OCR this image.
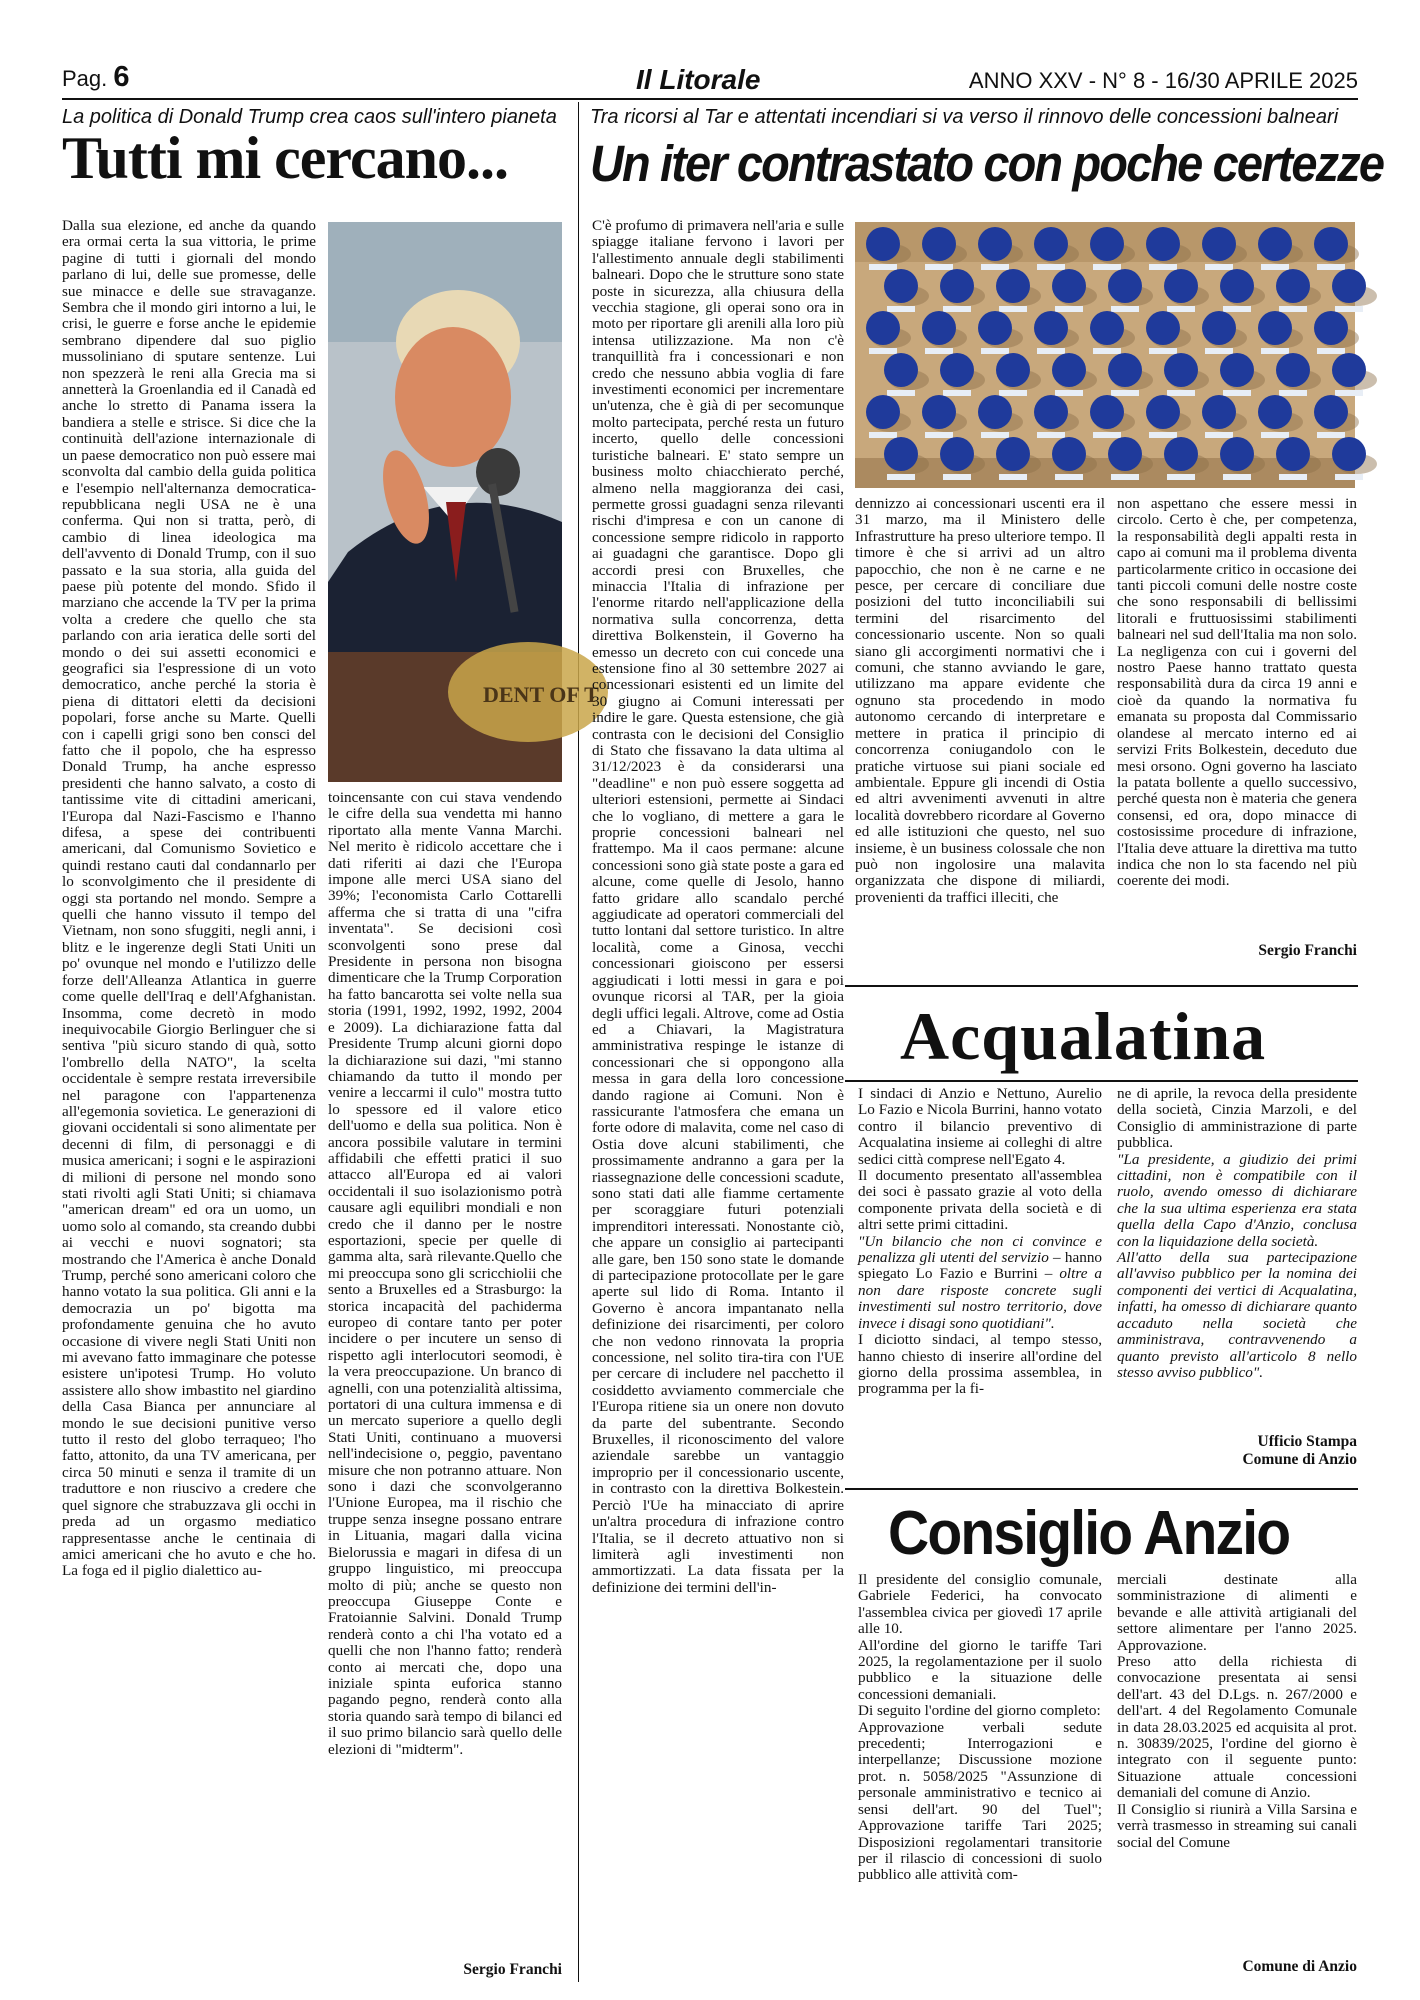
Pag. 6	Il Litorale	ANNO XXV - N° 8 - 16/30 APRILE 2025
La politica di Donald Trump crea caos sull'intero pianeta
Tutti mi cercano...

Dalla sua elezione, ed anche da quando era ormai certa la sua vittoria, le prime pagine di tutti i giornali del mondo parlano di lui, delle sue promesse, delle sue minacce e delle sue stravaganze. Sembra che il mondo giri intorno a lui, le crisi, le guerre e forse anche le epidemie sembrano dipendere dal suo piglio mussoliniano di sputare sentenze. Lui non spezzerà le reni alla Grecia ma si annetterà la Groenlandia ed il Canadà ed anche lo stretto di Panama issera la bandiera a stelle e strisce. Si dice che la continuità dell'azione internazionale di un paese democratico non può essere mai sconvolta dal cambio della guida politica e l'esempio nell'alternanza democratica-repubblicana negli USA ne è una conferma. Qui non si tratta, però, di cambio di linea ideologica ma dell'avvento di Donald Trump, con il suo passato e la sua storia, alla guida del paese più potente del mondo. Sfido il marziano che accende la TV per la prima volta a credere che quello che sta parlando con aria ieratica delle sorti del mondo o dei sui assetti economici e geografici sia l'espressione di un voto democratico, anche perché la storia è piena di dittatori eletti da decisioni popolari, forse anche su Marte. Quelli con i capelli grigi sono ben consci del fatto che il popolo, che ha espresso Donald Trump, ha anche espresso presidenti che hanno salvato, a costo di tantissime vite di cittadini americani, l'Europa dal Nazi-Fascismo e l'hanno difesa, a spese dei contribuenti americani, dal Comunismo Sovietico e quindi restano cauti dal condannarlo per lo sconvolgimento che il presidente di oggi sta portando nel mondo. Sempre a quelli che hanno vissuto il tempo del Vietnam, non sono sfuggiti, negli anni, i blitz e le ingerenze degli Stati Uniti un po' ovunque nel mondo e l'utilizzo delle forze dell'Alleanza Atlantica in guerre come quelle dell'Iraq e dell'Afghanistan. Insomma, come decretò in modo inequivocabile Giorgio Berlinguer che si sentiva "più sicuro stando di quà, sotto l'ombrello della NATO", la scelta occidentale è sempre restata irreversibile nel paragone con l'appartenenza all'egemonia sovietica. Le generazioni di giovani occidentali si sono alimentate per decenni di film, di personaggi e di musica americani; i sogni e le aspirazioni di milioni di persone nel mondo sono stati rivolti agli Stati Uniti; si chiamava "american dream" ed ora un uomo, un uomo solo al comando, sta creando dubbi ai vecchi e nuovi sognatori; sta mostrando che l'America è anche Donald Trump, perché sono americani coloro che hanno votato la sua politica. Gli anni e la democrazia un po' bigotta ma profondamente genuina che ho avuto occasione di vivere negli Stati Uniti non mi avevano fatto immaginare che potesse esistere un'ipotesi Trump. Ho voluto assistere allo show imbastito nel giardino della Casa Bianca per annunciare al mondo le sue decisioni punitive verso tutto il resto del globo terraqueo; l'ho fatto, attonito, da una TV americana, per circa 50 minuti e senza il tramite di un traduttore e non riuscivo a credere che quel signore che strabuzzava gli occhi in preda ad un orgasmo mediatico rappresentasse anche le centinaia di amici americani che ho avuto e che ho. La foga ed il piglio dialettico au-

DENT OF T

toincensante con cui stava vendendo le cifre della sua vendetta mi hanno riportato alla mente Vanna Marchi. Nel merito è ridicolo accettare che i dati riferiti ai dazi che l'Europa impone alle merci USA siano del 39%; l'economista Carlo Cottarelli afferma che si tratta di una "cifra inventata". Se decisioni così sconvolgenti sono prese dal Presidente in persona non bisogna dimenticare che la Trump Corporation ha fatto bancarotta sei volte nella sua storia (1991, 1992, 1992, 1992, 2004 e 2009). La dichiarazione fatta dal Presidente Trump alcuni giorni dopo la dichiarazione sui dazi, "mi stanno chiamando da tutto il mondo per venire a leccarmi il culo" mostra tutto lo spessore ed il valore etico dell'uomo e della sua politica. Non è ancora possibile valutare in termini affidabili che effetti pratici il suo attacco all'Europa ed ai valori occidentali il suo isolazionismo potrà causare agli equilibri mondiali e non credo che il danno per le nostre esportazioni, specie per quelle di gamma alta, sarà rilevante.Quello che mi preoccupa sono gli scricchiolii che sento a Bruxelles ed a Strasburgo: la storica incapacità del pachiderma europeo di contare tanto per poter incidere o per incutere un senso di rispetto agli interlocutori seomodi, è la vera preoccupazione. Un branco di agnelli, con una potenzialità altissima, portatori di una cultura immensa e di un mercato superiore a quello degli Stati Uniti, continuano a muoversi nell'indecisione o, peggio, paventano misure che non potranno attuare. Non sono i dazi che sconvolgeranno l'Unione Europea, ma il rischio che truppe senza insegne possano entrare in Lituania, magari dalla vicina Bielorussia e magari in difesa di un gruppo linguistico, mi preoccupa molto di più; anche se questo non preoccupa Giuseppe Conte e Fratoiannie Salvini. Donald Trump renderà conto a chi l'ha votato ed a quelli che non l'hanno fatto; renderà conto ai mercati che, dopo una iniziale spinta euforica stanno pagando pegno, renderà conto alla storia quando sarà tempo di bilanci ed il suo primo bilancio sarà quello delle elezioni di "midterm".

Sergio Franchi
Tra ricorsi al Tar e attentati incendiari si va verso il rinnovo delle concessioni balneari
Un iter contrastato con poche certezze

C'è profumo di primavera nell'aria e sulle spiagge italiane fervono i lavori per l'allestimento annuale degli stabilimenti balneari. Dopo che le strutture sono state poste in sicurezza, alla chiusura della vecchia stagione, gli operai sono ora in moto per riportare gli arenili alla loro più intensa utilizzazione. Ma non c'è tranquillità fra i concessionari e non credo che nessuno abbia voglia di fare investimenti economici per incrementare un'utenza, che è già di per secomunque molto partecipata, perché resta un futuro incerto, quello delle concessioni turistiche balneari. E' stato sempre un business molto chiacchierato perché, almeno nella maggioranza dei casi, permette grossi guadagni senza rilevanti rischi d'impresa e con un canone di concessione sempre ridicolo in rapporto ai guadagni che garantisce. Dopo gli accordi presi con Bruxelles, che minaccia l'Italia di infrazione per l'enorme ritardo nell'applicazione della normativa sulla concorrenza, detta direttiva Bolkenstein, il Governo ha emesso un decreto con cui concede una estensione fino al 30 settembre 2027 ai concessionari esistenti ed un limite del 30 giugno ai Comuni interessati per indire le gare. Questa estensione, che già contrasta con le decisioni del Consiglio di Stato che fissavano la data ultima al 31/12/2023 è da considerarsi una "deadline" e non può essere soggetta ad ulteriori estensioni, permette ai Sindaci che lo vogliano, di mettere a gara le proprie concessioni balneari nel frattempo. Ma il caos permane: alcune concessioni sono già state poste a gara ed alcune, come quelle di Jesolo, hanno fatto gridare allo scandalo perché aggiudicate ad operatori commerciali del tutto lontani dal settore turistico. In altre località, come a Ginosa, vecchi concessionari gioiscono per essersi aggiudicati i lotti messi in gara e poi ovunque ricorsi al TAR, per la gioia degli uffici legali. Altrove, come ad Ostia ed a Chiavari, la Magistratura amministrativa respinge le istanze di concessionari che si oppongono alla messa in gara della loro concessione dando ragione ai Comuni. Non è rassicurante l'atmosfera che emana un forte odore di malavita, come nel caso di Ostia dove alcuni stabilimenti, che prossimamente andranno a gara per la riassegnazione delle concessioni scadute, sono stati dati alle fiamme certamente per scoraggiare futuri potenziali imprenditori interessati. Nonostante ciò, che appare un consiglio ai partecipanti alle gare, ben 150 sono state le domande di partecipazione protocollate per le gare aperte sul lido di Roma. Intanto il Governo è ancora impantanato nella definizione dei risarcimenti, per coloro che non vedono rinnovata la propria concessione, nel solito tira-tira con l'UE per cercare di includere nel pacchetto il cosiddetto avviamento commerciale che l'Europa ritiene sia un onere non dovuto da parte del subentrante. Secondo Bruxelles, il riconoscimento del valore aziendale sarebbe un vantaggio improprio per il concessionario uscente, in contrasto con la direttiva Bolkestein. Perciò l'Ue ha minacciato di aprire un'altra procedura di infrazione contro l'Italia, se il decreto attuativo non si limiterà agli investimenti non ammortizzati. La data fissata per la definizione dei termini dell'in-

dennizzo ai concessionari uscenti era il 31 marzo, ma il Ministero delle Infrastrutture ha preso ulteriore tempo. Il timore è che si arrivi ad un altro papocchio, che non è ne carne e ne pesce, per cercare di conciliare due posizioni del tutto inconciliabili sui termini del risarcimento del concessionario uscente. Non so quali siano gli accorgimenti normativi che i comuni, che stanno avviando le gare, utilizzano ma appare evidente che ognuno sta procedendo in modo autonomo cercando di interpretare e mettere in pratica il principio di concorrenza coniugandolo con le pratiche virtuose sui piani sociale ed ambientale. Eppure gli incendi di Ostia ed altri avvenimenti avvenuti in altre località dovrebbero ricordare al Governo ed alle istituzioni che questo, nel suo insieme, è un business colossale che non può non ingolosire una malavita organizzata che dispone di miliardi, provenienti da traffici illeciti, che

non aspettano che essere messi in circolo. Certo è che, per competenza, la responsabilità degli appalti resta in capo ai comuni ma il problema diventa particolarmente critico in occasione dei tanti piccoli comuni delle nostre coste che sono responsabili di bellissimi litorali e fruttuosissimi stabilimenti balneari nel sud dell'Italia ma non solo. La negligenza con cui i governi del nostro Paese hanno trattato questa responsabilità dura da circa 19 anni e cioè da quando la normativa fu emanata su proposta dal Commissario olandese al mercato interno ed ai servizi Frits Bolkestein, deceduto due mesi orsono. Ogni governo ha lasciato la patata bollente a quello successivo, perché questa non è materia che genera consensi, ed ora, dopo minacce di costosissime procedure di infrazione, l'Italia deve attuare la direttiva ma tutto indica che non lo sta facendo nel più coerente dei modi.

Sergio Franchi
Acqualatina

I sindaci di Anzio e Nettuno, Aurelio Lo Fazio e Nicola Burrini, hanno votato contro il bilancio preventivo di Acqualatina insieme ai colleghi di altre sedici città comprese nell'Egato 4.

Il documento presentato all'assemblea dei soci è passato grazie al voto della componente privata della società e di altri sette primi cittadini.

"Un bilancio che non ci convince e penalizza gli utenti del servizio – hanno spiegato Lo Fazio e Burrini – oltre a non dare risposte concrete sugli investimenti sul nostro territorio, dove invece i disagi sono quotidiani".

I diciotto sindaci, al tempo stesso, hanno chiesto di inserire all'ordine del giorno della prossima assemblea, in programma per la fi-

ne di aprile, la revoca della presidente della società, Cinzia Marzoli, e del Consiglio di amministrazione di parte pubblica.

"La presidente, a giudizio dei primi cittadini, non è compatibile con il ruolo, avendo omesso di dichiarare che la sua ultima esperienza era stata quella della Capo d'Anzio, conclusa con la liquidazione della società.

All'atto della sua partecipazione all'avviso pubblico per la nomina dei componenti dei vertici di Acqualatina, infatti, ha omesso di dichiarare quanto accaduto nella società che amministrava, contravvenendo a quanto previsto all'articolo 8 nello stesso avviso pubblico".

Ufficio Stampa
Comune di Anzio
Consiglio Anzio

Il presidente del consiglio comunale, Gabriele Federici, ha convocato l'assemblea civica per giovedì 17 aprile alle 10.

All'ordine del giorno le tariffe Tari 2025, la regolamentazione per il suolo pubblico e la situazione delle concessioni demaniali.

Di seguito l'ordine del giorno completo:

Approvazione verbali sedute precedenti; Interrogazioni e interpellanze; Discussione mozione prot. n. 5058/2025 "Assunzione di personale amministrativo e tecnico ai sensi dell'art. 90 del Tuel"; Approvazione tariffe Tari 2025; Disposizioni regolamentari transitorie per il rilascio di concessioni di suolo pubblico alle attività com-

merciali destinate alla somministrazione di alimenti e bevande e alle attività artigianali del settore alimentare per l'anno 2025. Approvazione.

Preso atto della richiesta di convocazione presentata ai sensi dell'art. 43 del D.Lgs. n. 267/2000 e dell'art. 4 del Regolamento Comunale in data 28.03.2025 ed acquisita al prot. n. 30839/2025, l'ordine del giorno è integrato con il seguente punto: Situazione attuale concessioni demaniali del comune di Anzio.

Il Consiglio si riunirà a Villa Sarsina e verrà trasmesso in streaming sui canali social del Comune

Comune di Anzio
